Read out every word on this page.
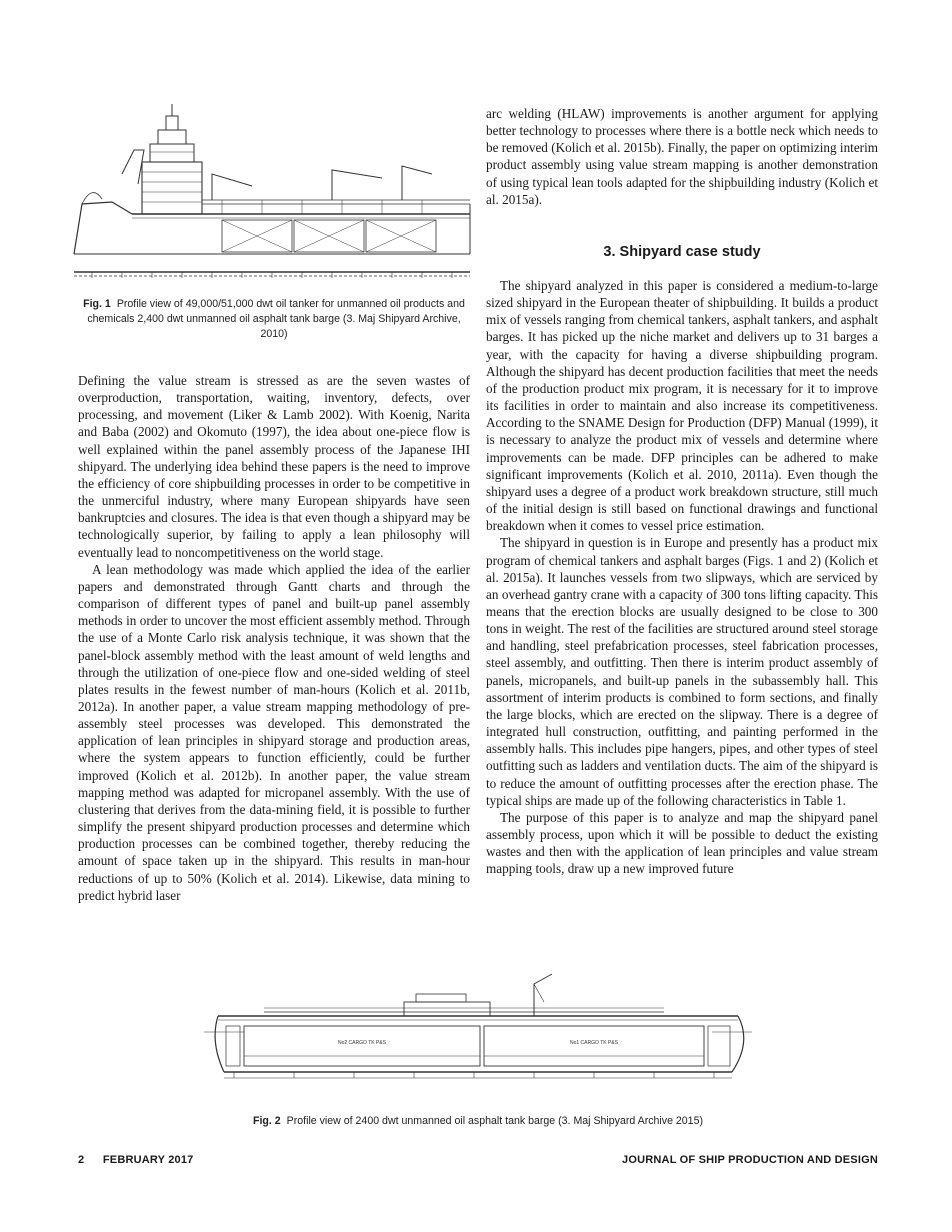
Fig. 1 Profile view of 49,000/51,000 dwt oil tanker for unmanned oil products and chemicals 2,400 dwt unmanned oil asphalt tank barge (3. Maj Shipyard Archive, 2010)

Defining the value stream is stressed as are the seven wastes of overproduction, transportation, waiting, inventory, defects, over processing, and movement (Liker & Lamb 2002). With Koenig, Narita and Baba (2002) and Okomuto (1997), the idea about one-piece flow is well explained within the panel assembly process of the Japanese IHI shipyard. The underlying idea behind these papers is the need to improve the efficiency of core shipbuilding processes in order to be competitive in the unmerciful industry, where many European shipyards have seen bankruptcies and closures. The idea is that even though a shipyard may be technologically superior, by failing to apply a lean philosophy will eventually lead to noncompetitiveness on the world stage.

A lean methodology was made which applied the idea of the earlier papers and demonstrated through Gantt charts and through the comparison of different types of panel and built-up panel assembly methods in order to uncover the most efficient assembly method. Through the use of a Monte Carlo risk analysis technique, it was shown that the panel-block assembly method with the least amount of weld lengths and through the utilization of one-piece flow and one-sided welding of steel plates results in the fewest number of man-hours (Kolich et al. 2011b, 2012a). In another paper, a value stream mapping methodology of pre-assembly steel processes was developed. This demonstrated the application of lean principles in shipyard storage and production areas, where the system appears to function efficiently, could be further improved (Kolich et al. 2012b). In another paper, the value stream mapping method was adapted for micropanel assembly. With the use of clustering that derives from the data-mining field, it is possible to further simplify the present shipyard production processes and determine which production processes can be combined together, thereby reducing the amount of space taken up in the shipyard. This results in man-hour reductions of up to 50% (Kolich et al. 2014). Likewise, data mining to predict hybrid laser

arc welding (HLAW) improvements is another argument for applying better technology to processes where there is a bottle neck which needs to be removed (Kolich et al. 2015b). Finally, the paper on optimizing interim product assembly using value stream mapping is another demonstration of using typical lean tools adapted for the shipbuilding industry (Kolich et al. 2015a).

3. Shipyard case study

The shipyard analyzed in this paper is considered a medium-to-large sized shipyard in the European theater of shipbuilding. It builds a product mix of vessels ranging from chemical tankers, asphalt tankers, and asphalt barges. It has picked up the niche market and delivers up to 31 barges a year, with the capacity for having a diverse shipbuilding program. Although the shipyard has decent production facilities that meet the needs of the production product mix program, it is necessary for it to improve its facilities in order to maintain and also increase its competitiveness. According to the SNAME Design for Production (DFP) Manual (1999), it is necessary to analyze the product mix of vessels and determine where improvements can be made. DFP principles can be adhered to make significant improvements (Kolich et al. 2010, 2011a). Even though the shipyard uses a degree of a product work breakdown structure, still much of the initial design is still based on functional drawings and functional breakdown when it comes to vessel price estimation.

The shipyard in question is in Europe and presently has a product mix program of chemical tankers and asphalt barges (Figs. 1 and 2) (Kolich et al. 2015a). It launches vessels from two slipways, which are serviced by an overhead gantry crane with a capacity of 300 tons lifting capacity. This means that the erection blocks are usually designed to be close to 300 tons in weight. The rest of the facilities are structured around steel storage and handling, steel prefabrication processes, steel fabrication processes, steel assembly, and outfitting. Then there is interim product assembly of panels, micropanels, and built-up panels in the subassembly hall. This assortment of interim products is combined to form sections, and finally the large blocks, which are erected on the slipway. There is a degree of integrated hull construction, outfitting, and painting performed in the assembly halls. This includes pipe hangers, pipes, and other types of steel outfitting such as ladders and ventilation ducts. The aim of the shipyard is to reduce the amount of outfitting processes after the erection phase. The typical ships are made up of the following characteristics in Table 1.

The purpose of this paper is to analyze and map the shipyard panel assembly process, upon which it will be possible to deduct the existing wastes and then with the application of lean principles and value stream mapping tools, draw up a new improved future

No2 CARGO TK P&S	No1 CARGO TK P&S
Fig. 2 Profile view of 2400 dwt unmanned oil asphalt tank barge (3. Maj Shipyard Archive 2015)
2 FEBRUARY 2017	JOURNAL OF SHIP PRODUCTION AND DESIGN
